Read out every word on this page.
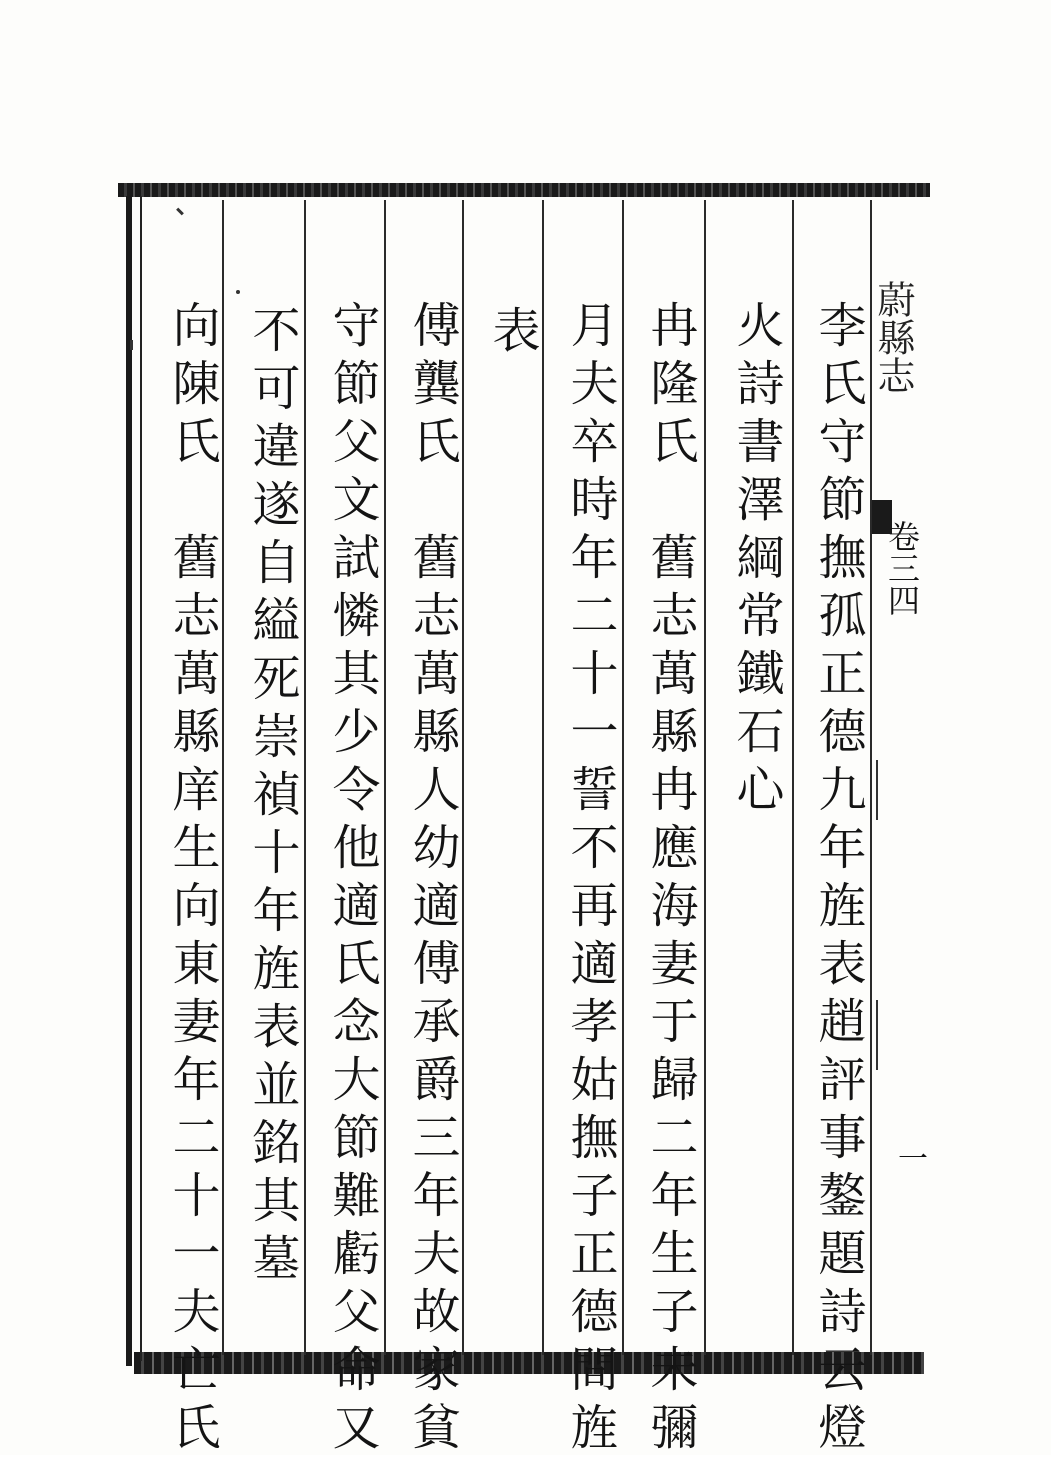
蔚縣志
卷三四
一
李氏守節撫孤正德九年旌表趙評事鏊題詩云燈
火詩書澤綱常鐵石心
冉隆氏　舊志萬縣冉應海妻于歸二年生子未彌
月夫卒時年二十一誓不再適孝姑撫子正德間旌
表
傅龔氏　舊志萬縣人幼適傅承爵三年夫故家貧
守節父文試憐其少令他適氏念大節難虧父命又
不可違遂自縊死崇禎十年旌表並銘其墓
向陳氏　舊志萬縣庠生向東妻年二十一夫亡氏
